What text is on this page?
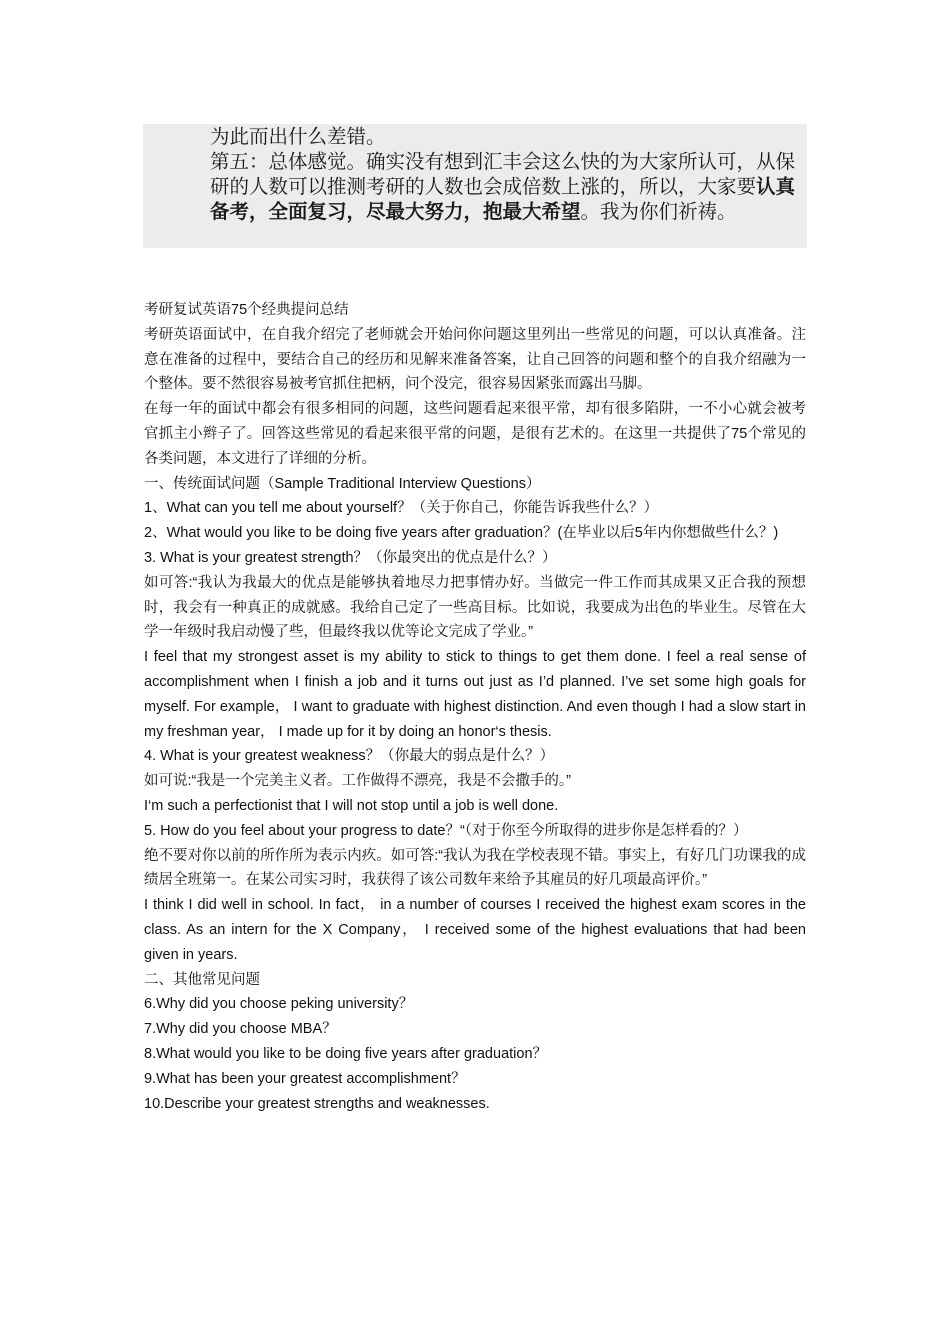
为此而出什么差错。

第五：总体感觉。确实没有想到汇丰会这么快的为大家所认可，从保研的人数可以推测考研的人数也会成倍数上涨的，所以，大家要认真备考，全面复习，尽最大努力，抱最大希望。我为你们祈祷。

考研复试英语75个经典提问总结

考研英语面试中，在自我介绍完了老师就会开始问你问题这里列出一些常见的问题，可以认真准备。注意在准备的过程中，要结合自己的经历和见解来准备答案，让自己回答的问题和整个的自我介绍融为一个整体。要不然很容易被考官抓住把柄，问个没完，很容易因紧张而露出马脚。

在每一年的面试中都会有很多相同的问题，这些问题看起来很平常，却有很多陷阱，一不小心就会被考官抓主小辫子了。回答这些常见的看起来很平常的问题，是很有艺术的。在这里一共提供了75个常见的各类问题，本文进行了详细的分析。

一、传统面试问题（Sample Traditional Interview Questions）

1、What can you tell me about yourself？（关于你自己，你能告诉我些什么？）

2、What would you like to be doing five years after graduation？(在毕业以后5年内你想做些什么？)

3. What is your greatest strength？（你最突出的优点是什么？）

如可答:“我认为我最大的优点是能够执着地尽力把事情办好。当做完一件工作而其成果又正合我的预想时，我会有一种真正的成就感。我给自己定了一些高目标。比如说，我要成为出色的毕业生。尽管在大学一年级时我启动慢了些，但最终我以优等论文完成了学业。”

I feel that my strongest asset is my ability to stick to things to get them done. I feel a real sense of accomplishment when I finish a job and it turns out just as I’d planned. I’ve set some high goals for myself. For example， I want to graduate with highest distinction. And even though I had a slow start in my freshman year， I made up for it by doing an honor‘s thesis.

4. What is your greatest weakness？（你最大的弱点是什么？）

如可说:“我是一个完美主义者。工作做得不漂亮，我是不会撒手的。”

I‘m such a perfectionist that I will not stop until a job is well done.

5. How do you feel about your progress to date？“（对于你至今所取得的进步你是怎样看的？）

绝不要对你以前的所作所为表示内疚。如可答:“我认为我在学校表现不错。事实上，有好几门功课我的成绩居全班第一。在某公司实习时，我获得了该公司数年来给予其雇员的好几项最高评价。”

I think I did well in school. In fact， in a number of courses I received the highest exam scores in the class. As an intern for the X Company， I received some of the highest evaluations that had been given in years.

二、其他常见问题

6.Why did you choose peking university？

7.Why did you choose MBA？

8.What would you like to be doing five years after graduation？

9.What has been your greatest accomplishment？

10.Describe your greatest strengths and weaknesses.
